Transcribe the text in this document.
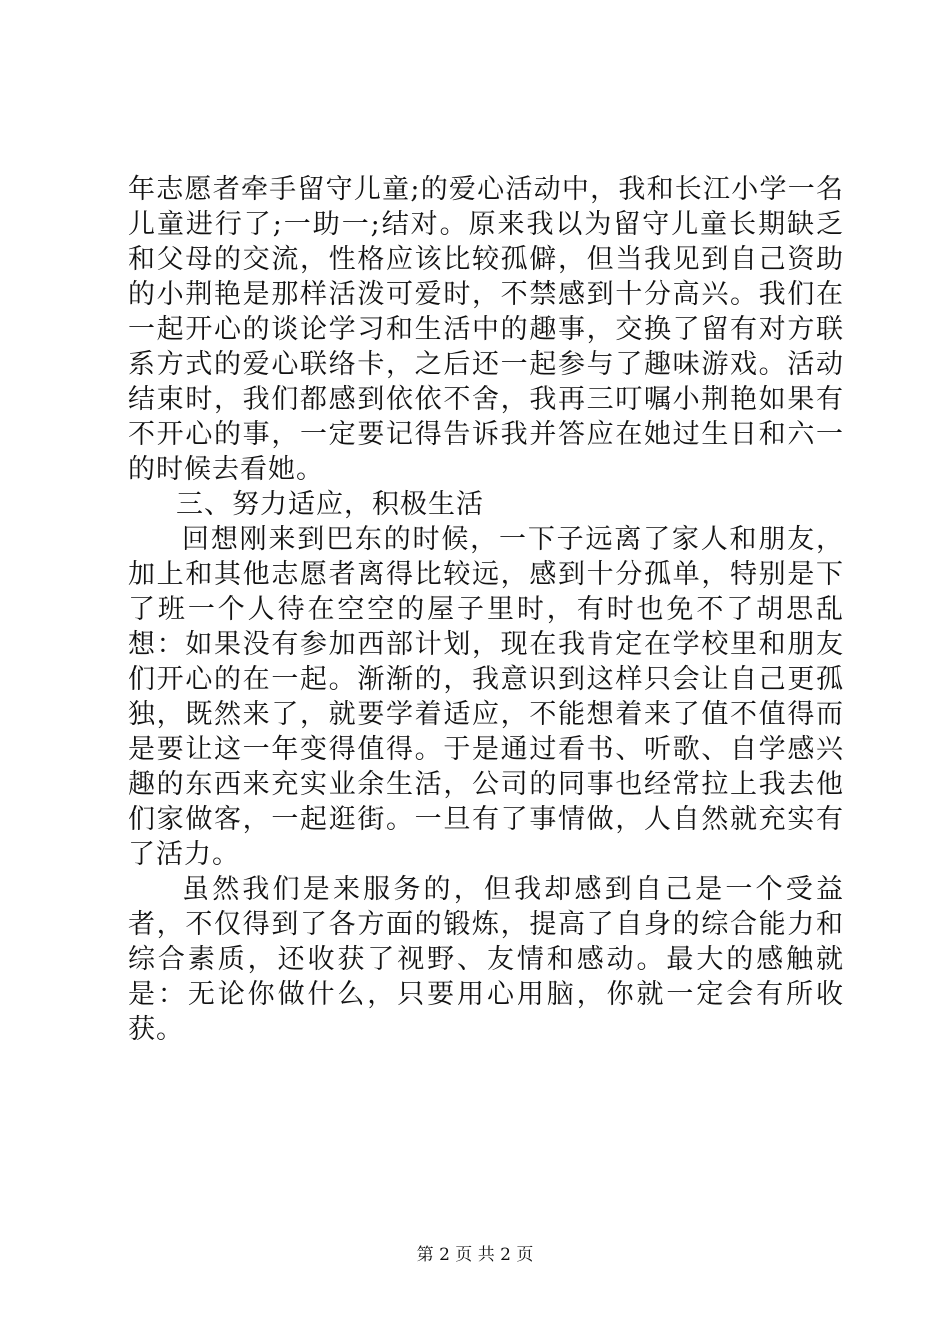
年志愿者牵手留守儿童;的爱心活动中，我和长江小学一名儿童进行了;一助一;结对。原来我以为留守儿童长期缺乏和父母的交流，性格应该比较孤僻，但当我见到自己资助的小荆艳是那样活泼可爱时，不禁感到十分高兴。我们在一起开心的谈论学习和生活中的趣事，交换了留有对方联系方式的爱心联络卡，之后还一起参与了趣味游戏。活动结束时，我们都感到依依不舍，我再三叮嘱小荆艳如果有不开心的事，一定要记得告诉我并答应在她过生日和六一的时候去看她。

三、努力适应，积极生活

回想刚来到巴东的时候，一下子远离了家人和朋友，加上和其他志愿者离得比较远，感到十分孤单，特别是下了班一个人待在空空的屋子里时，有时也免不了胡思乱想：如果没有参加西部计划，现在我肯定在学校里和朋友们开心的在一起。渐渐的，我意识到这样只会让自己更孤独，既然来了，就要学着适应，不能想着来了值不值得而是要让这一年变得值得。于是通过看书、听歌、自学感兴趣的东西来充实业余生活，公司的同事也经常拉上我去他们家做客，一起逛街。一旦有了事情做，人自然就充实有了活力。

虽然我们是来服务的，但我却感到自己是一个受益者，不仅得到了各方面的锻炼，提高了自身的综合能力和综合素质，还收获了视野、友情和感动。最大的感触就是：无论你做什么，只要用心用脑，你就一定会有所收获。

第 2 页 共 2 页
